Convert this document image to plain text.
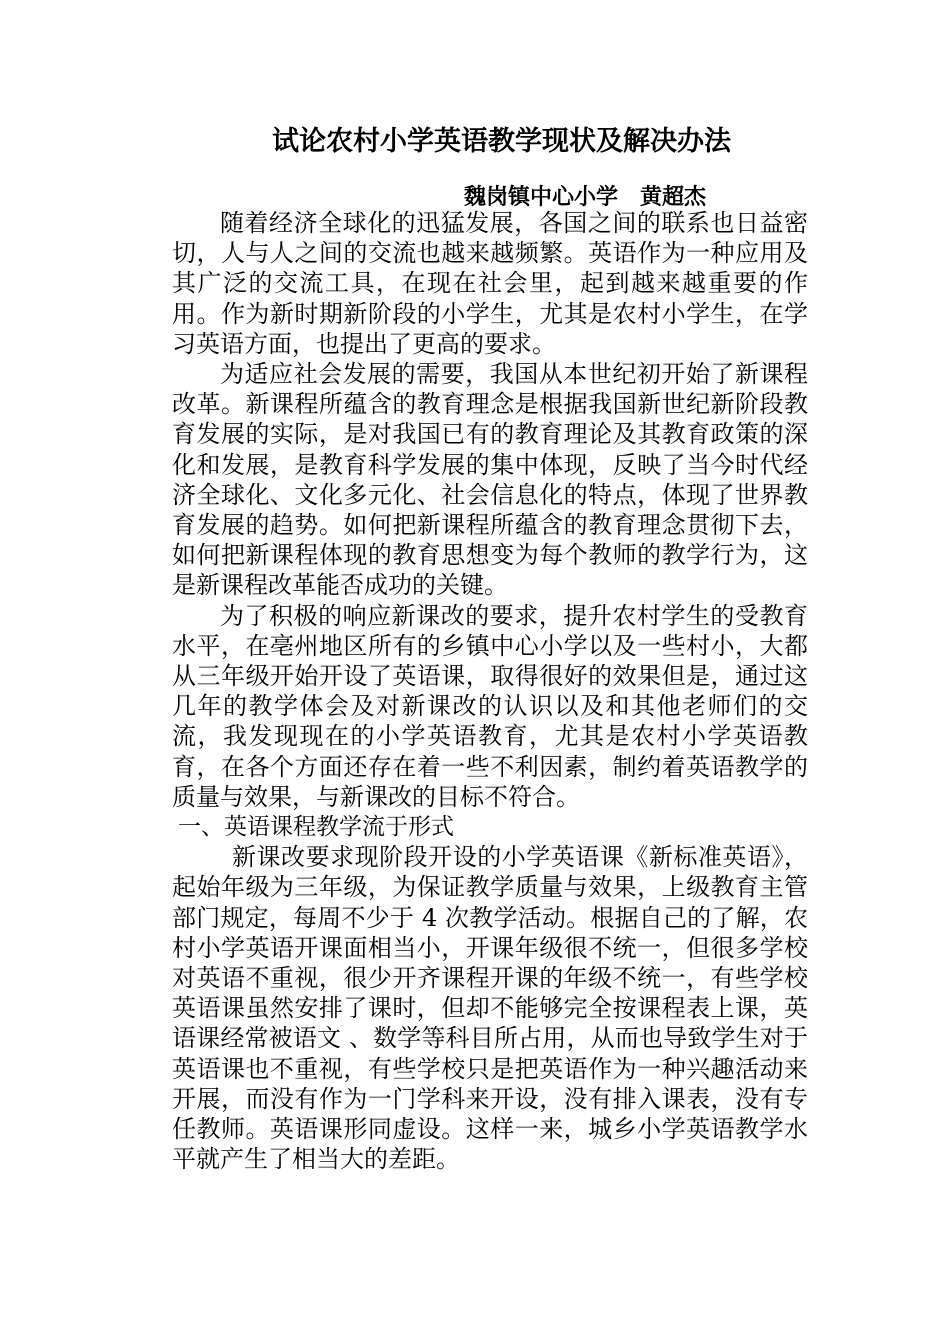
试论农村小学英语教学现状及解决办法
魏岗镇中心小学　黄超杰

随着经济全球化的迅猛发展，各国之间的联系也日益密切，人与人之间的交流也越来越频繁。英语作为一种应用及其广泛的交流工具，在现在社会里，起到越来越重要的作用。作为新时期新阶段的小学生，尤其是农村小学生，在学习英语方面，也提出了更高的要求。

为适应社会发展的需要，我国从本世纪初开始了新课程改革。新课程所蕴含的教育理念是根据我国新世纪新阶段教育发展的实际，是对我国已有的教育理论及其教育政策的深化和发展，是教育科学发展的集中体现，反映了当今时代经济全球化、文化多元化、社会信息化的特点，体现了世界教育发展的趋势。如何把新课程所蕴含的教育理念贯彻下去，如何把新课程体现的教育思想变为每个教师的教学行为，这是新课程改革能否成功的关键。

为了积极的响应新课改的要求，提升农村学生的受教育水平，在亳州地区所有的乡镇中心小学以及一些村小，大都从三年级开始开设了英语课，取得很好的效果但是，通过这几年的教学体会及对新课改的认识以及和其他老师们的交流，我发现现在的小学英语教育，尤其是农村小学英语教育，在各个方面还存在着一些不利因素，制约着英语教学的质量与效果，与新课改的目标不符合。

一、英语课程教学流于形式

新课改要求现阶段开设的小学英语课《新标准英语》，起始年级为三年级，为保证教学质量与效果，上级教育主管部门规定，每周不少于 4 次教学活动。根据自己的了解，农村小学英语开课面相当小，开课年级很不统一，但很多学校对英语不重视，很少开齐课程开课的年级不统一，有些学校英语课虽然安排了课时，但却不能够完全按课程表上课，英语课经常被语文 、数学等科目所占用，从而也导致学生对于英语课也不重视，有些学校只是把英语作为一种兴趣活动来开展，而没有作为一门学科来开设，没有排入课表，没有专任教师。英语课形同虚设。这样一来，城乡小学英语教学水平就产生了相当大的差距。
